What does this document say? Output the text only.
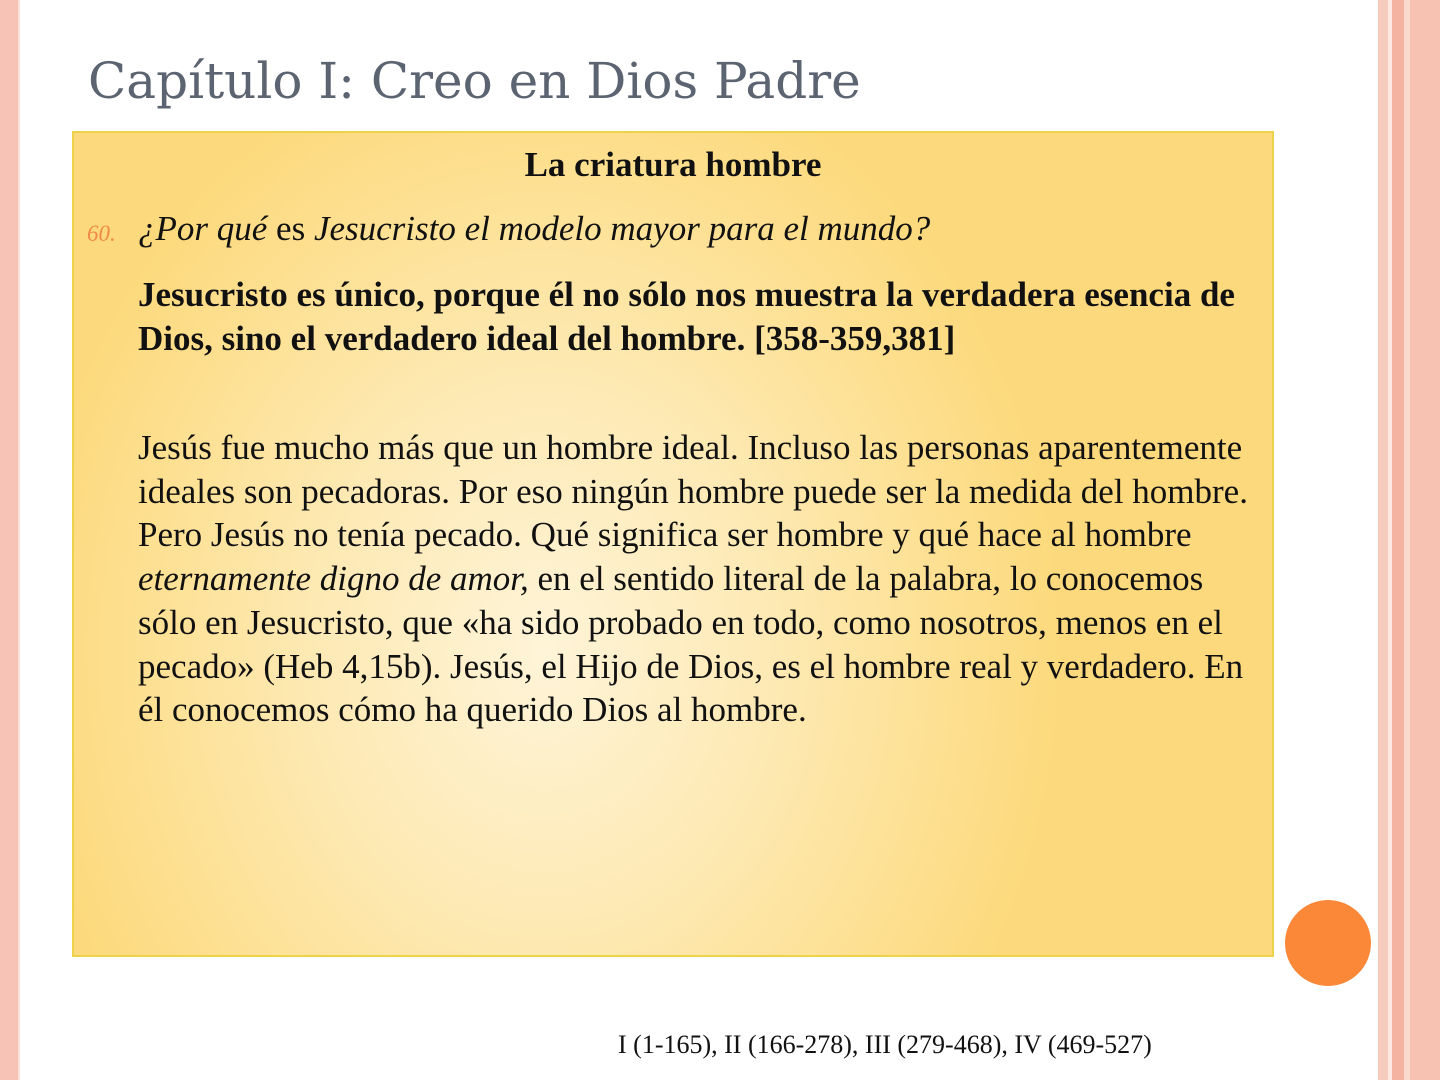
Capítulo I: Creo en Dios Padre
La criatura hombre
60. ¿Por qué es Jesucristo el modelo mayor para el mundo?

Jesucristo es único, porque él no sólo nos muestra la verdadera esencia de Dios, sino el verdadero ideal del hombre. [358-359,381]

Jesús fue mucho más que un hombre ideal. Incluso las personas aparentemente ideales son pecadoras. Por eso ningún hombre puede ser la medida del hombre. Pero Jesús no tenía pecado. Qué significa ser hombre y qué hace al hombre eternamente digno de amor, en el sentido literal de la palabra, lo conocemos sólo en Jesucristo, que «ha sido probado en todo, como nosotros, menos en el pecado» (Heb 4,15b). Jesús, el Hijo de Dios, es el hombre real y verdadero. En él conocemos cómo ha querido Dios al hombre.

I (1-165), II (166-278), III (279-468), IV (469-527)
